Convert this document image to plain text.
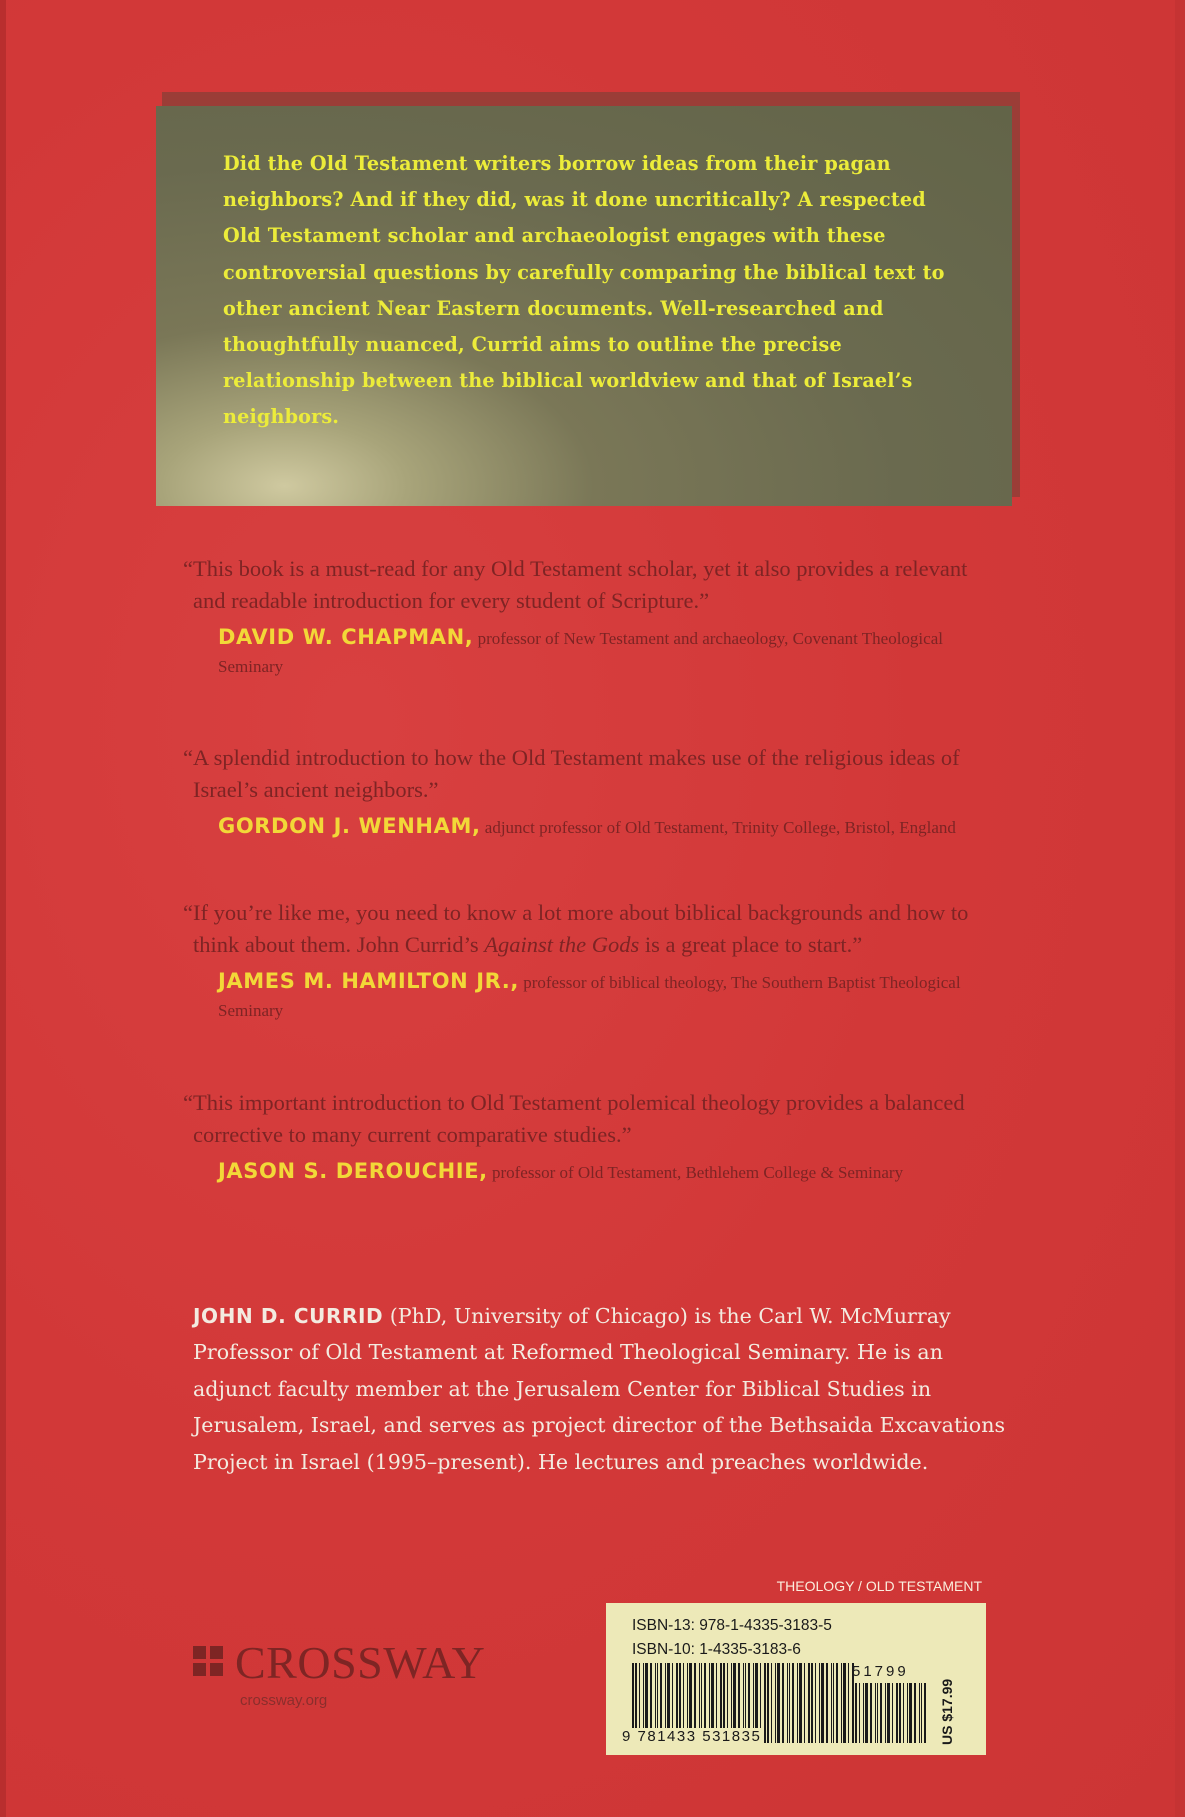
Did the Old Testament writers borrow ideas from their pagan neighbors? And if they did, was it done uncritically? A respected Old Testament scholar and archaeologist engages with these controversial questions by carefully comparing the biblical text to other ancient Near Eastern documents. Well-researched and thoughtfully nuanced, Currid aims to outline the precise relationship between the biblical worldview and that of Israel’s neighbors.

“This book is a must-read for any Old Testament scholar, yet it also provides a relevant and readable introduction for every student of Scripture.”

DAVID W. CHAPMAN, professor of New Testament and archaeology, Covenant Theological Seminary

“A splendid introduction to how the Old Testament makes use of the religious ideas of Israel’s ancient neighbors.”

GORDON J. WENHAM, adjunct professor of Old Testament, Trinity College, Bristol, England

“If you’re like me, you need to know a lot more about biblical backgrounds and how to think about them. John Currid’s Against the Gods is a great place to start.”

JAMES M. HAMILTON JR., professor of biblical theology, The Southern Baptist Theological Seminary

“This important introduction to Old Testament polemical theology provides a balanced corrective to many current comparative studies.”

JASON S. DEROUCHIE, professor of Old Testament, Bethlehem College & Seminary

JOHN D. CURRID (PhD, University of Chicago) is the Carl W. McMurray Professor of Old Testament at Reformed Theological Seminary. He is an adjunct faculty member at the Jerusalem Center for Biblical Studies in Jerusalem, Israel, and serves as project director of the Bethsaida Excavations Project in Israel (1995–present). He lectures and preaches worldwide.

THEOLOGY / OLD TESTAMENT
CROSSWAY
crossway.org
ISBN-13: 978-1-4335-3183-5
ISBN-10: 1-4335-3183-6
9 781433 531835
51799
US $17.99
